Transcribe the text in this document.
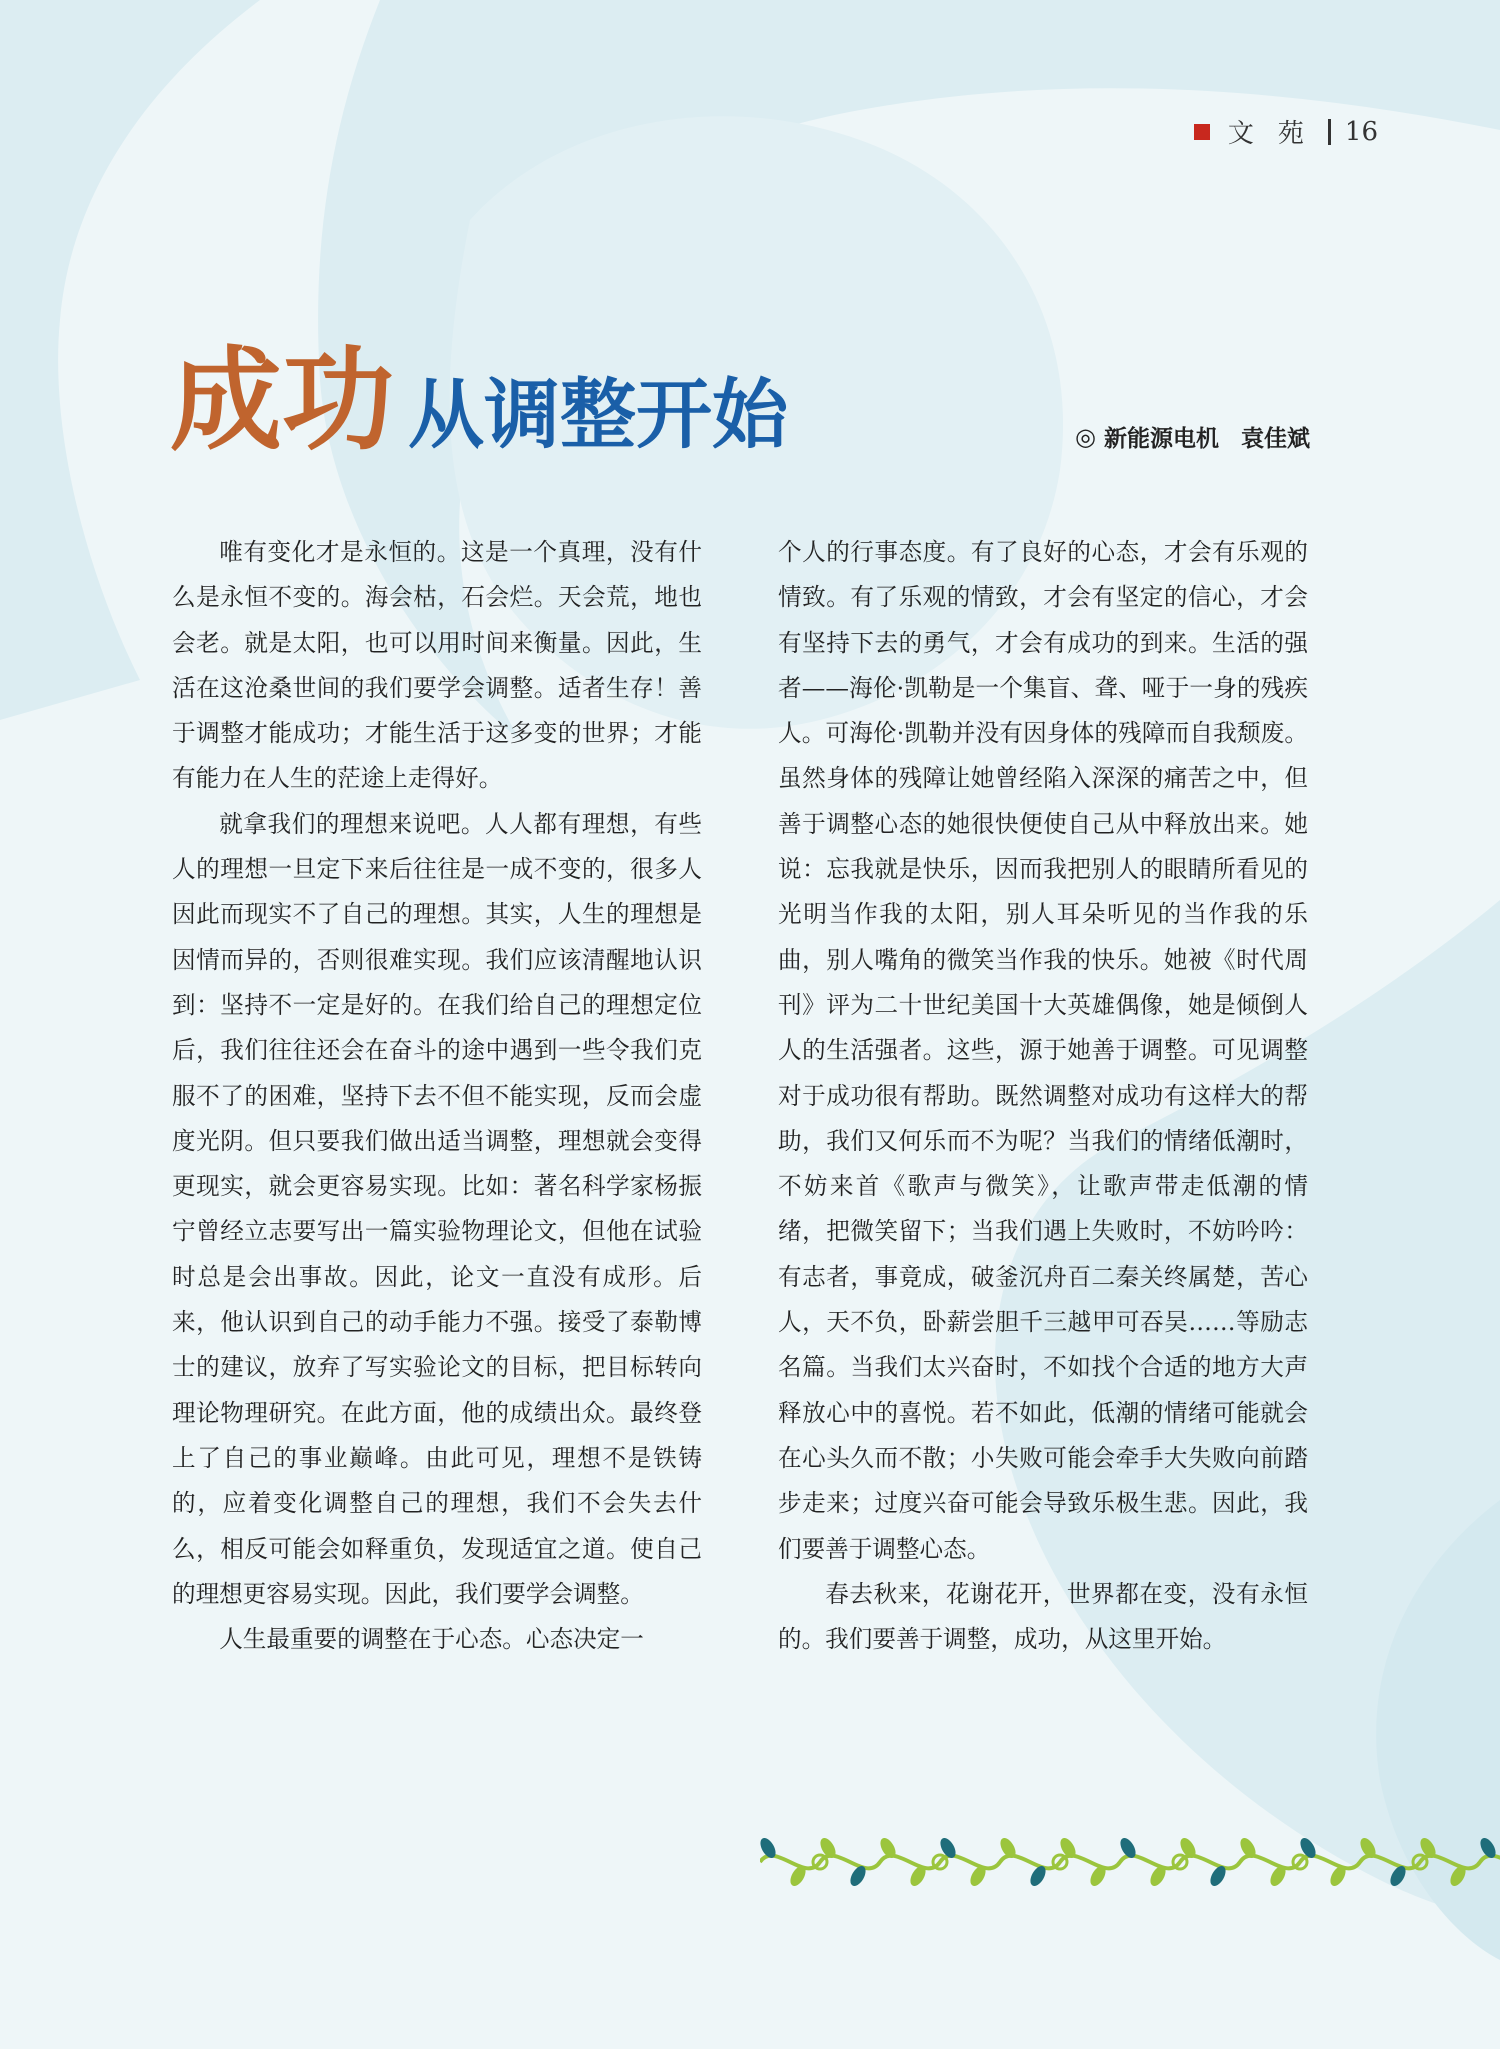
文苑 16
成功 从调整开始	◎ 新能源电机 袁佳斌

唯有变化才是永恒的。这是一个真理，没有什么是永恒不变的。海会枯，石会烂。天会荒，地也会老。就是太阳，也可以用时间来衡量。因此，生活在这沧桑世间的我们要学会调整。适者生存！善于调整才能成功；才能生活于这多变的世界；才能有能力在人生的茫途上走得好。

就拿我们的理想来说吧。人人都有理想，有些人的理想一旦定下来后往往是一成不变的，很多人因此而现实不了自己的理想。其实，人生的理想是因情而异的，否则很难实现。我们应该清醒地认识到：坚持不一定是好的。在我们给自己的理想定位后，我们往往还会在奋斗的途中遇到一些令我们克服不了的困难，坚持下去不但不能实现，反而会虚度光阴。但只要我们做出适当调整，理想就会变得更现实，就会更容易实现。比如：著名科学家杨振宁曾经立志要写出一篇实验物理论文，但他在试验时总是会出事故。因此，论文一直没有成形。后来，他认识到自己的动手能力不强。接受了泰勒博士的建议，放弃了写实验论文的目标，把目标转向理论物理研究。在此方面，他的成绩出众。最终登上了自己的事业巅峰。由此可见，理想不是铁铸的，应着变化调整自己的理想，我们不会失去什么，相反可能会如释重负，发现适宜之道。使自己的理想更容易实现。因此，我们要学会调整。

人生最重要的调整在于心态。心态决定一

个人的行事态度。有了良好的心态，才会有乐观的情致。有了乐观的情致，才会有坚定的信心，才会有坚持下去的勇气，才会有成功的到来。生活的强者——海伦·凯勒是一个集盲、聋、哑于一身的残疾人。可海伦·凯勒并没有因身体的残障而自我颓废。虽然身体的残障让她曾经陷入深深的痛苦之中，但善于调整心态的她很快便使自己从中释放出来。她说：忘我就是快乐，因而我把别人的眼睛所看见的光明当作我的太阳，别人耳朵听见的当作我的乐曲，别人嘴角的微笑当作我的快乐。她被《时代周刊》评为二十世纪美国十大英雄偶像，她是倾倒人人的生活强者。这些，源于她善于调整。可见调整对于成功很有帮助。既然调整对成功有这样大的帮助，我们又何乐而不为呢？当我们的情绪低潮时，不妨来首《歌声与微笑》，让歌声带走低潮的情绪，把微笑留下；当我们遇上失败时，不妨吟吟：有志者，事竟成，破釜沉舟百二秦关终属楚，苦心人，天不负，卧薪尝胆千三越甲可吞吴……等励志名篇。当我们太兴奋时，不如找个合适的地方大声释放心中的喜悦。若不如此，低潮的情绪可能就会在心头久而不散；小失败可能会牵手大失败向前踏步走来；过度兴奋可能会导致乐极生悲。因此，我们要善于调整心态。

春去秋来，花谢花开，世界都在变，没有永恒的。我们要善于调整，成功，从这里开始。
